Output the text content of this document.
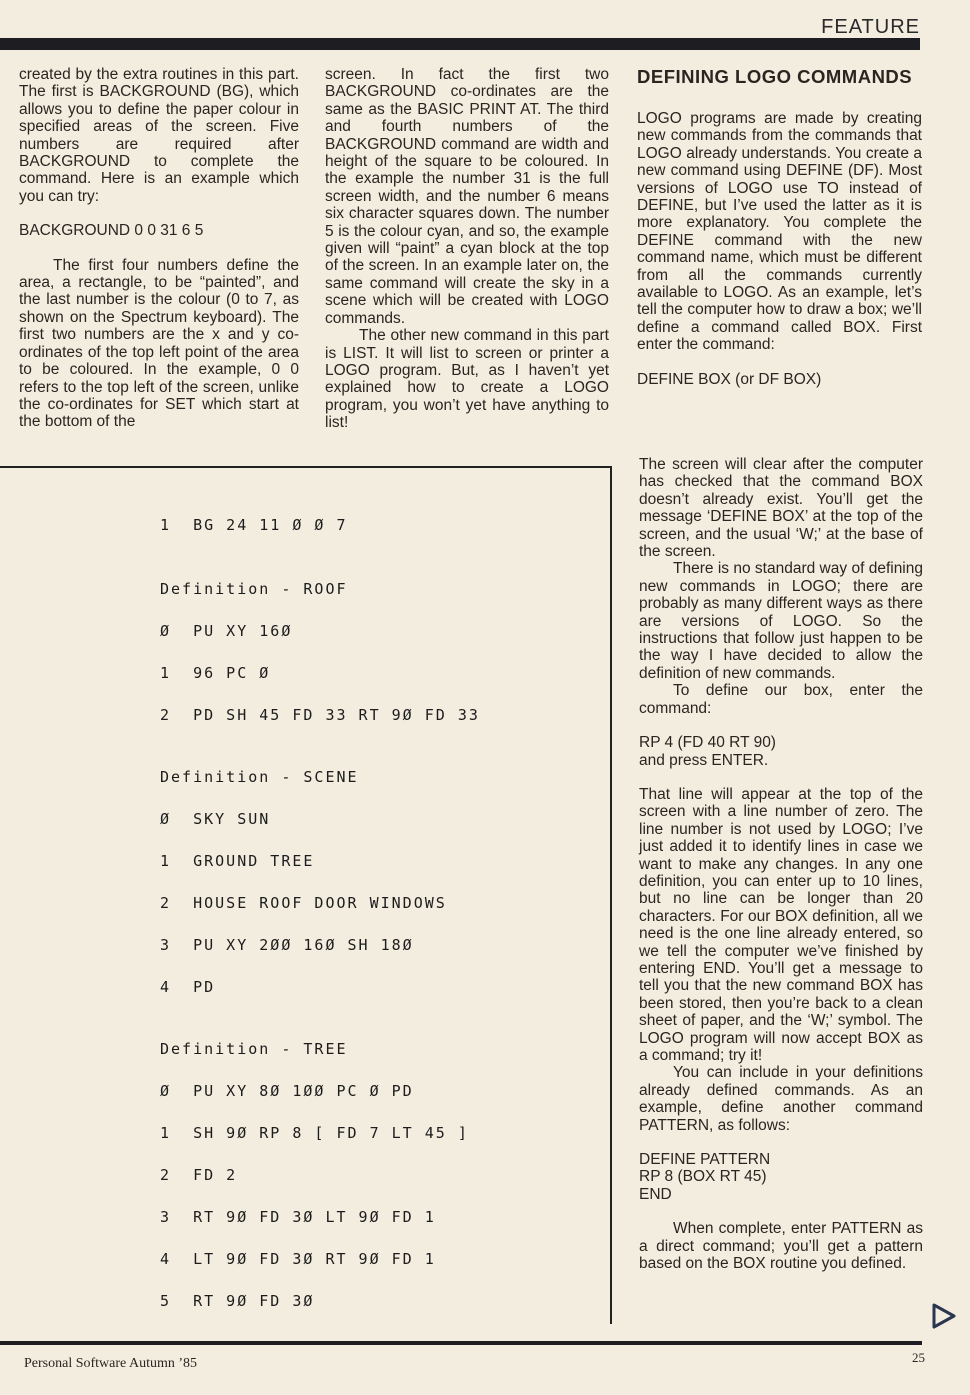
FEATURE

created by the extra routines in this part. The first is BACKGROUND (BG), which allows you to define the paper colour in specified areas of the screen. Five numbers are required after BACKGROUND to complete the command. Here is an example which you can try:

BACKGROUND 0 0 31 6 5

The first four numbers define the area, a rectangle, to be “painted”, and the last number is the colour (0 to 7, as shown on the Spectrum keyboard). The first two numbers are the x and y coordinates of the top left point of the area to be coloured. In the example, 0 0 refers to the top left of the screen, unlike the co-ordinates for SET which start at the bottom of the

screen. In fact the first two BACKGROUND co-ordinates are the same as the BASIC PRINT AT. The third and fourth numbers of the BACKGROUND command are width and height of the square to be coloured. In the example the number 31 is the full screen width, and the number 6 means six character squares down. The number 5 is the colour cyan, and so, the example given will “paint” a cyan block at the top of the screen. In an example later on, the same command will create the sky in a scene which will be created with LOGO commands.

The other new command in this part is LIST. It will list to screen or printer a LOGO program. But, as I haven’t yet explained how to create a LOGO program, you won’t yet have anything to list!

DEFINING LOGO COMMANDS

LOGO programs are made by creating new commands from the commands that LOGO already understands. You create a new command using DEFINE (DF). Most versions of LOGO use TO instead of DEFINE, but I’ve used the latter as it is more explanatory. You complete the DEFINE command with the new command name, which must be different from all the commands currently available to LOGO. As an example, let’s tell the computer how to draw a box; we’ll define a command called BOX. First enter the command:

DEFINE BOX (or DF BOX)

The screen will clear after the computer has checked that the command BOX doesn’t already exist. You’ll get the message ‘DEFINE BOX’ at the top of the screen, and the usual ‘W;’ at the base of the screen.

There is no standard way of defining new commands in LOGO; there are probably as many different ways as there are versions of LOGO. So the instructions that follow just happen to be the way I have decided to allow the definition of new commands.

To define our box, enter the command:

RP 4 (FD 40 RT 90)

and press ENTER.

That line will appear at the top of the screen with a line number of zero. The line number is not used by LOGO; I’ve just added it to identify lines in case we want to make any changes. In any one definition, you can enter up to 10 lines, but no line can be longer than 20 characters. For our BOX definition, all we need is the one line already entered, so we tell the computer we’ve finished by entering END. You’ll get a message to tell you that the new command BOX has been stored, then you’re back to a clean sheet of paper, and the ‘W;’ symbol. The LOGO program will now accept BOX as a command; try it!

You can include in your definitions already defined commands. As an example, define another command PATTERN, as follows:

DEFINE PATTERN

RP 8 (BOX RT 45)

END

When complete, enter PATTERN as a direct command; you’ll get a pattern based on the BOX routine you defined.

1  BG 24 11 Ø Ø 7
Definition - ROOF
Ø  PU XY 16Ø
1  96 PC Ø
2  PD SH 45 FD 33 RT 9Ø FD 33
Definition - SCENE
Ø  SKY SUN
1  GROUND TREE
2  HOUSE ROOF DOOR WINDOWS
3  PU XY 2ØØ 16Ø SH 18Ø
4  PD
Definition - TREE
Ø  PU XY 8Ø 1ØØ PC Ø PD
1  SH 9Ø RP 8 [ FD 7 LT 45 ]
2  FD 2
3  RT 9Ø FD 3Ø LT 9Ø FD 1
4  LT 9Ø FD 3Ø RT 9Ø FD 1
5  RT 9Ø FD 3Ø
Personal Software Autumn ’85	25
